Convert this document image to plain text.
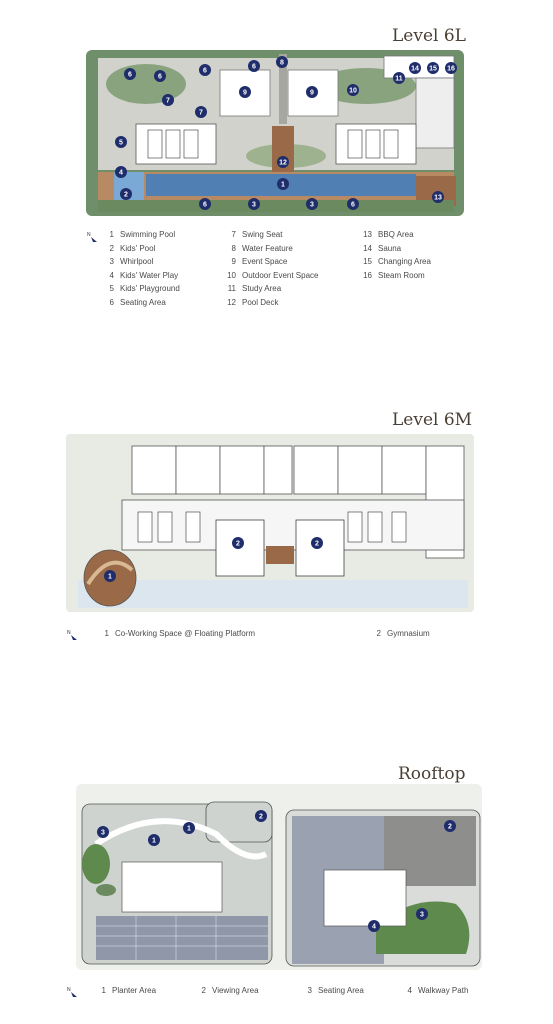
Level 6L
6	6
6
6
8
9	9	10
11
14 15 16
7
7
5
4
2
12
1
6	3	3	6
13
N	1 Swimming Pool
2 Kids' Pool
3 Whirlpool
4 Kids' Water Play
5 Kids' Playground
6 Seating Area
7 Swing Seat
8 Water Feature
9 Event Space
10 Outdoor Event Space
11 Study Area
12 Pool Deck
13 BBQ Area
14 Sauna
15 Changing Area
16 Steam Room
Level 6M
1
2	2
N	1 Co-Working Space @ Floating Platform	2 Gymnasium
Rooftop
3
1
1
2
2
3
4
N	1 Planter Area	2 Viewing Area	3 Seating Area	4 Walkway Path
